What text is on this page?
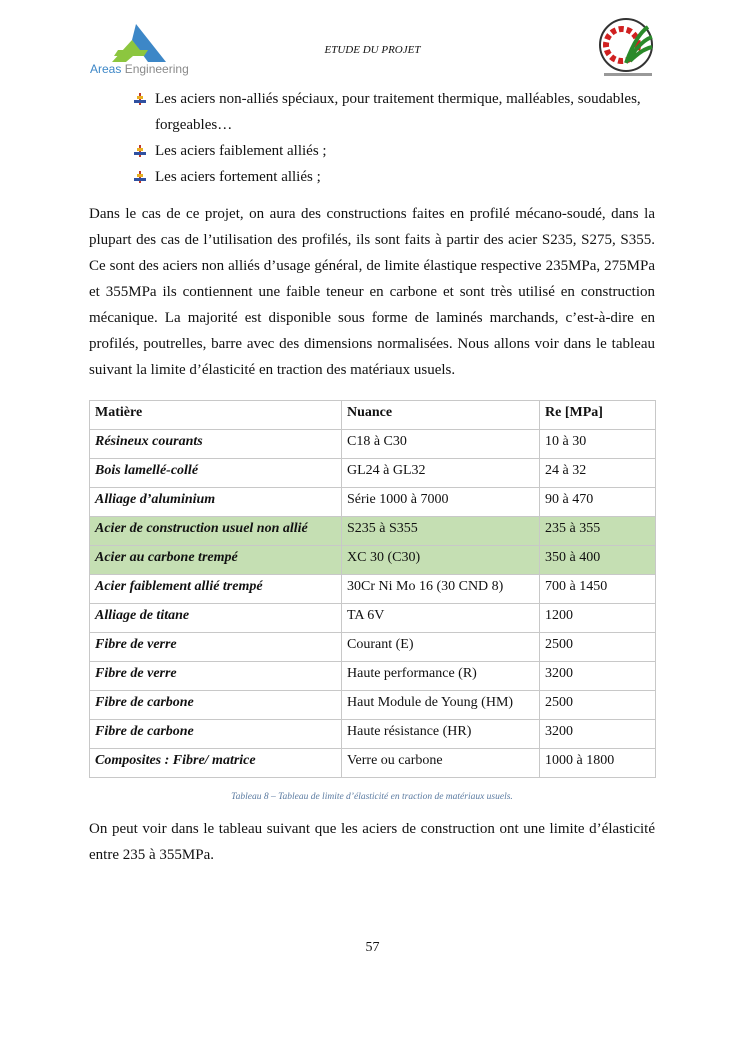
Areas Engineering
ETUDE DU PROJET
Les aciers non-alliés spéciaux, pour traitement thermique, malléables, soudables,
forgeables…
Les aciers faiblement alliés ;
Les aciers fortement alliés ;

Dans le cas de ce projet, on aura des constructions faites en profilé mécano-soudé, dans la plupart des cas de l’utilisation des profilés, ils sont faits à partir des acier S235, S275, S355. Ce sont des aciers non alliés d’usage général, de limite élastique respective 235MPa, 275MPa et 355MPa ils contiennent une faible teneur en carbone et sont très utilisé en construction mécanique. La majorité est disponible sous forme de laminés marchands, c’est-à-dire en profilés, poutrelles, barre avec des dimensions normalisées. Nous allons voir dans le tableau suivant la limite d’élasticité en traction des matériaux usuels.

Matière	Nuance	Re [MPa]
Résineux courants	C18 à C30	10 à 30
Bois lamellé-collé	GL24 à GL32	24 à 32
Alliage d’aluminium	Série 1000 à 7000	90 à 470
Acier de construction usuel non allié	S235 à S355	235 à 355
Acier au carbone trempé	XC 30 (C30)	350 à 400
Acier faiblement allié trempé	30Cr Ni Mo 16 (30 CND 8)	700 à 1450
Alliage de titane	TA 6V	1200
Fibre de verre	Courant (E)	2500
Fibre de verre	Haute performance (R)	3200
Fibre de carbone	Haut Module de Young (HM)	2500
Fibre de carbone	Haute résistance (HR)	3200
Composites : Fibre/ matrice	Verre ou carbone	1000 à 1800
Tableau 8 – Tableau de limite d’élasticité en traction de matériaux usuels.

On peut voir dans le tableau suivant que les aciers de construction ont une limite d’élasticité entre 235 à 355MPa.

57
